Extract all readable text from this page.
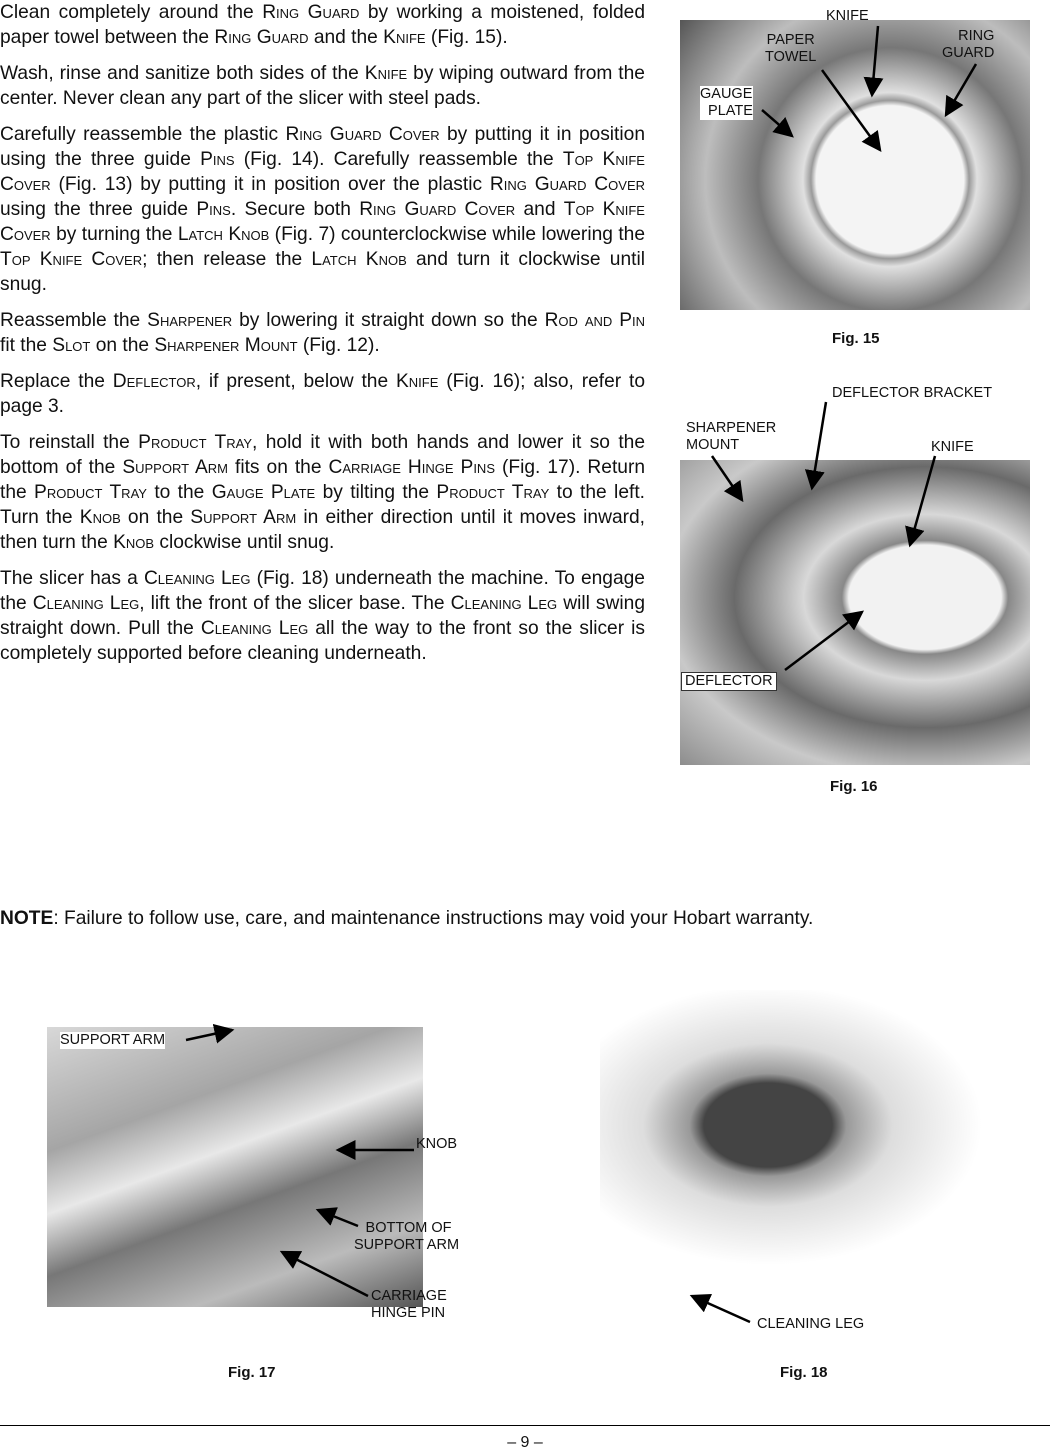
Clean completely around the Ring Guard by working a moistened, folded paper towel between the Ring Guard and the Knife (Fig. 15).

Wash, rinse and sanitize both sides of the Knife by wiping outward from the center. Never clean any part of the slicer with steel pads.

Carefully reassemble the plastic Ring Guard Cover by putting it in position using the three guide Pins (Fig. 14). Carefully reassemble the Top Knife Cover (Fig. 13) by putting it in position over the plastic Ring Guard Cover using the three guide Pins. Secure both Ring Guard Cover and Top Knife Cover by turning the Latch Knob (Fig. 7) counterclockwise while lowering the Top Knife Cover; then release the Latch Knob and turn it clockwise until snug.

Reassemble the Sharpener by lowering it straight down so the Rod and Pin fit the Slot on the Sharpener Mount (Fig. 12).

Replace the Deflector, if present, below the Knife (Fig. 16); also, refer to page 3.

To reinstall the Product Tray, hold it with both hands and lower it so the bottom of the Support Arm fits on the Carriage Hinge Pins (Fig. 17). Return the Product Tray to the Gauge Plate by tilting the Product Tray to the left. Turn the Knob on the Support Arm in either direction until it moves inward, then turn the Knob clockwise until snug.

The slicer has a Cleaning Leg (Fig. 18) underneath the machine. To engage the Cleaning Leg, lift the front of the slicer base. The Cleaning Leg will swing straight down. Pull the Cleaning Leg all the way to the front so the slicer is completely supported before cleaning underneath.

NOTE: Failure to follow use, care, and maintenance instructions may void your Hobart warranty.
KNIFE
PAPER
TOWEL
RING
GUARD
GAUGE
PLATE
Fig. 15
DEFLECTOR BRACKET
SHARPENER
MOUNT	KNIFE
DEFLECTOR
Fig. 16
SUPPORT ARM
KNOB
BOTTOM OF
SUPPORT ARM
CARRIAGE
HINGE PIN
Fig. 17
CLEANING LEG
Fig. 18
– 9 –
